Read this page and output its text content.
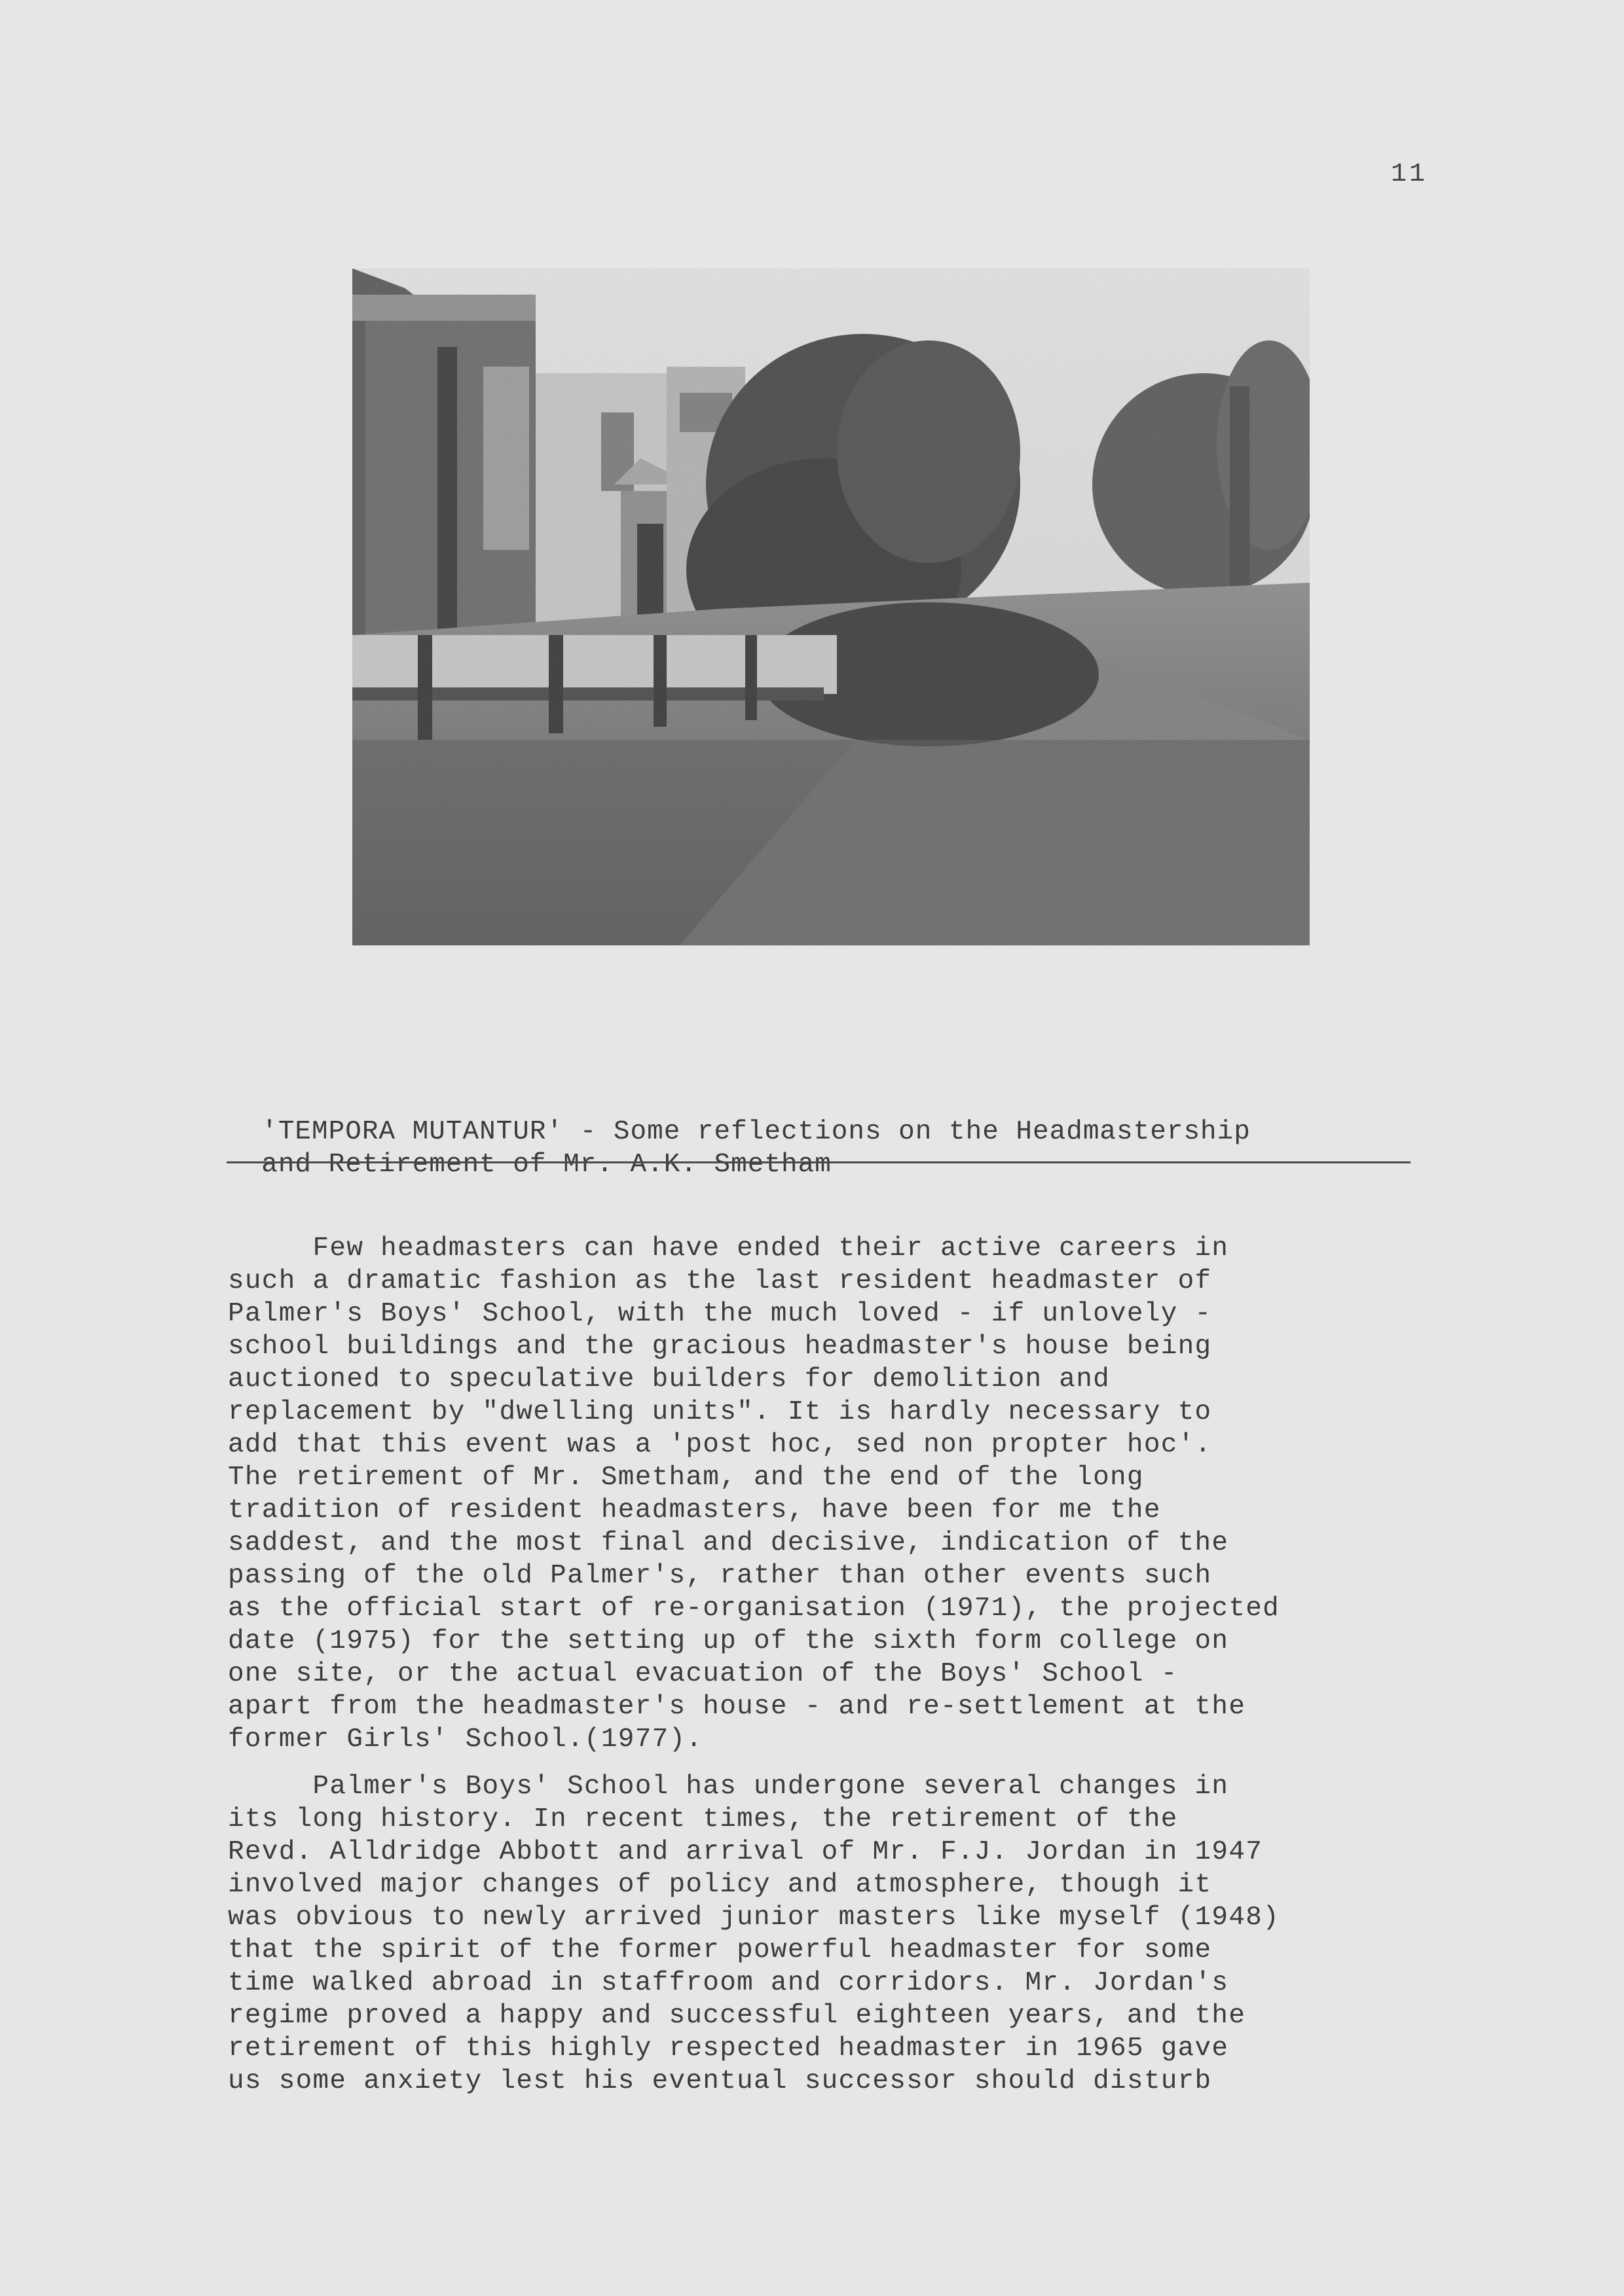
11

'TEMPORA MUTANTUR' - Some reflections on the Headmastership
and Retirement of Mr. A.K. Smetham

Few headmasters can have ended their active careers in
such a dramatic fashion as the last resident headmaster of
Palmer's Boys' School, with the much loved - if unlovely -
school buildings and the gracious headmaster's house being
auctioned to speculative builders for demolition and
replacement by "dwelling units". It is hardly necessary to
add that this event was a 'post hoc, sed non propter hoc'.
The retirement of Mr. Smetham, and the end of the long
tradition of resident headmasters, have been for me the
saddest, and the most final and decisive, indication of the
passing of the old Palmer's, rather than other events such
as the official start of re-organisation (1971), the projected
date (1975) for the setting up of the sixth form college on
one site, or the actual evacuation of the Boys' School -
apart from the headmaster's house - and re-settlement at the
former Girls' School.(1977).
Palmer's Boys' School has undergone several changes in
its long history. In recent times, the retirement of the
Revd. Alldridge Abbott and arrival of Mr. F.J. Jordan in 1947
involved major changes of policy and atmosphere, though it
was obvious to newly arrived junior masters like myself (1948)
that the spirit of the former powerful headmaster for some
time walked abroad in staffroom and corridors. Mr. Jordan's
regime proved a happy and successful eighteen years, and the
retirement of this highly respected headmaster in 1965 gave
us some anxiety lest his eventual successor should disturb
